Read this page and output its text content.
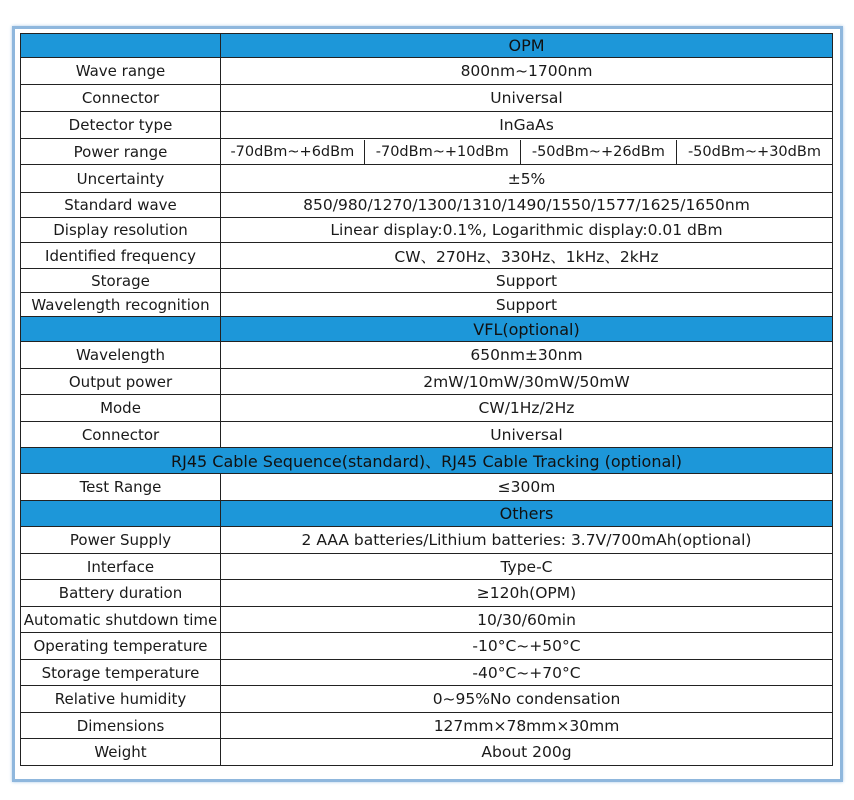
	OPM
Wave range	800nm~1700nm
Connector	Universal
Detector type	InGaAs
Power range	-70dBm~+6dBm -70dBm~+10dBm -50dBm~+26dBm -50dBm~+30dBm

Uncertainty	±5%
Standard wave	850/980/1270/1300/1310/1490/1550/1577/1625/1650nm
Display resolution	Linear display:0.1%, Logarithmic display:0.01 dBm
Identified frequency	CW、270Hz、330Hz、1kHz、2kHz
Storage	Support
Wavelength recognition	Support
	VFL(optional)
Wavelength	650nm±30nm
Output power	2mW/10mW/30mW/50mW
Mode	CW/1Hz/2Hz
Connector	Universal
RJ45 Cable Sequence(standard)、RJ45 Cable Tracking (optional)	
Test Range	≤300m
	Others
Power Supply	2 AAA batteries/Lithium batteries: 3.7V/700mAh(optional)
Interface	Type-C
Battery duration	≥120h(OPM)
Automatic shutdown time	10/30/60min
Operating temperature	-10°C~+50°C
Storage temperature	-40°C~+70°C
Relative humidity	0~95%No condensation
Dimensions	127mm×78mm×30mm
Weight	About 200g
